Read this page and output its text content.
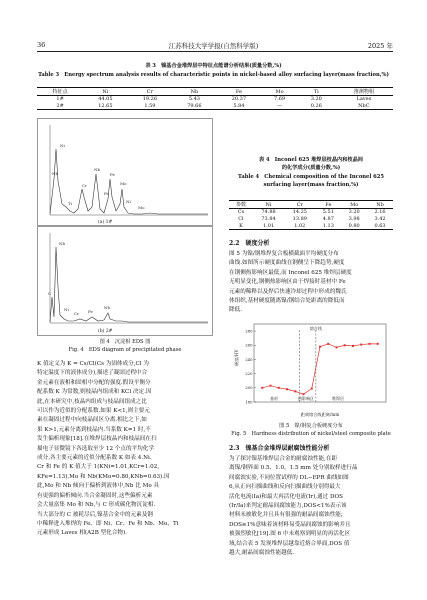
36	江苏科技大学学报(自然科学版)	2025 年
表 3　镍基合金堆焊层中特征点能谱分析结果(质量分数,%)
Table 3　Energy spectrum analysis results of characteristic points in nickel-based alloy surfacing layer(mass fraction,%)
特征点	Ni	Cr	Nb	Fe	Mo	Ti	推测物相
1#	44.05	19.26	5.43	20.37	7.69	3.20	Laves
2#	12.65	1.59	79.66	5.84	—	0.26	NbC
Ni
Cr
Nb
Fe
Mo
Ti
Nb
Fe
Ni
Mo
(a) 1#
Nb
C
Ni	Fe
Nb
Cr
(b) 2#
图 4　沉淀相 EDS 图
Fig. 4　EDS diagram of precipitated phase
K 值定义为 K = Cs/Cl(Cs 为固体成分,Cl 为
特定温度下的液体成分),描述了凝固过程中合
金元素在液相和固相中分配的强度.假设平衡分
配系数 K 为常数,则枝晶内组成和 KCl 决定.因
此,在本研究中,枝晶内组成与枝晶间组成之比
可以作为近似的分配系数.如果 K<1,则主要元
素在凝固过程中向枝晶间区分离.相比之下,如
果 K>1,元素分离到枝晶内.当系数 K=1 时,不
发生偏析现象[18].在堆焊层枝晶内和枝晶间在扫
描电子显微镜下各选取至少 12 个点的平均化学
成分,各主要元素的近似分配系数 K 如表 4.Ni、
Cr 和 Fe 的 K 值大于 1(KNi=1.01,KCr=1.02,
KFe=1.13),Mo 和 Nb(KMo=0.80,KNb=0.63).因
此,Mo 和 Nb 倾向于偏析到液体中,Nb 比 Mo 具
有更强的偏析倾向.当合金凝固时,这些偏析元素
会大量富集 Mo 和 Nb,与 C 形成碳化物沉淀相.
当大部分的 C 被耗尽后,镍基合金中的元素及钢
中稀释进入堆焊的 Fe、即 Ni、Cr、Fe 和 Nb、Mo、Ti
元素形成 Laves 相(A2B 型化合物).
表 4　Inconel 625 堆焊层枝晶内和枝晶间
的化学成分(质量分数,%)
Table 4　Chemical composition of the Inconel 625
surfacing layer(mass fraction,%)
参数	Ni	Cr	Fe	Mo	Nb
Cs	74.88	14.25	5.51	3.20	2.16
Cl	73.84	13.89	4.87	3.98	3.42
K	1.01	1.02	1.13	0.80	0.63
2.2　硬度分析
图 5 为镍/钢堆焊复合板横截面平均硬度分布
曲线.如图所示硬度曲线在钢侧呈下降趋势,硬度
在钢侧热影响区最低,而 Inconel 625 堆焊层硬度
无明显变化,钢侧热影响区由于焊接时基材中 Fe
元素的稀释以及焊后快速冷却过程中形成的魏氏
体组织,基材硬度随离镍/钢结合处距离的降低而
降低.
280
260
240
220
200
180
硬度/HV
距离熔合线距离/mm
熔合线
基材	热影响区	堆焊层
图 5　镍/钢复合板硬度分布
Fig. 5　Hardness distribution of nickel/steel composite plate
2.3　镍基合金堆焊层耐腐蚀性能分析
为了探讨镍基堆焊层合金的耐腐蚀性能,在距
离镍/钢界面 0.5、1.0、1.5 mm 处分别取样进行晶
间腐蚀实验,不同位置试样的 DL−EPR 曲线如图
6,从正向扫描曲线和反向扫描曲线分别得最大
活化电流(Ia)和最大再活化电流(Ir),通过 DOS
(Ir/Ia)来判定耐晶间腐蚀能力,DOS<1%表示该
材料未被敏化并且具有很强的耐晶间腐蚀性能;
DOS≥1%意味着该材料易受晶间腐蚀的影响并且
被强烈敏化[19].图 6 中未观察到明显的再活化区
域,结合表 5 发现堆焊层越靠近熔合界面,DOS 值
越大,耐晶间腐蚀性能越低.
